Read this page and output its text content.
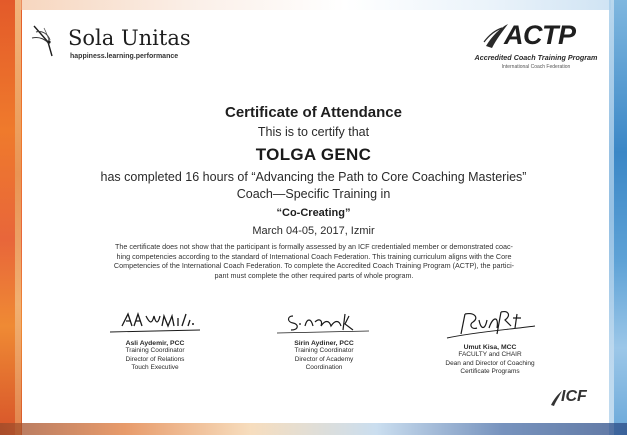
Sola Unitas
happiness.learning.performance
ACTP
Accredited Coach Training Program
International Coach Federation
Certificate of Attendance
This is to certify that
TOLGA GENC
has completed 16 hours of “Advancing the Path to Core Coaching Masteries”
Coach—Specific Training in
“Co-Creating”
March 04-05, 2017, Izmir
The certificate does not show that the participant is formally assessed by an ICF credentialed member or demonstrated coac-
hing competencies according to the standard of International Coach Federation. This training curriculum aligns with the Core
Competencies of the International Coach Federation. To complete the Accredited Coach Training Program (ACTP), the partici-
pant must complete the other required parts of whole program.
Asli Aydemir, PCC
Training Coordinator
Director of Relations
Touch Executive
Sirin Aydiner, PCC
Training Coordinator
Director of Academy
Coordination
Umut Kisa, MCC
FACULTY and CHAIR
Dean and Director of Coaching
Certificate Programs
ICF
